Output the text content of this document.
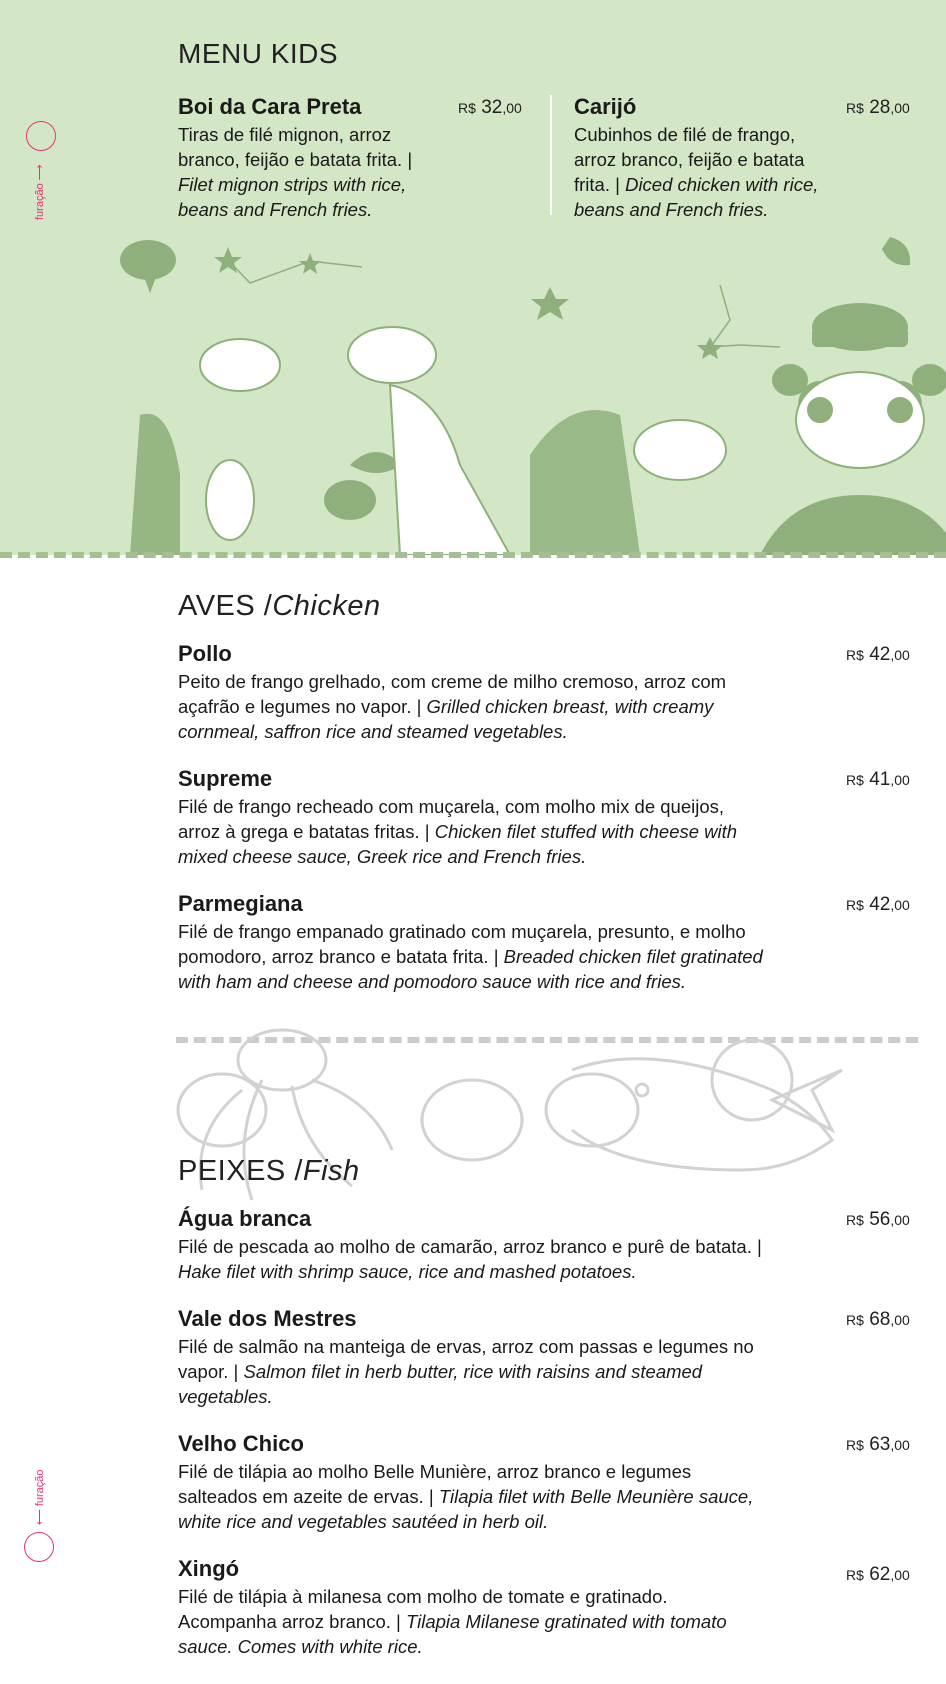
MENU KIDS
Boi da Cara Preta
Tiras de filé mignon, arroz branco, feijão e batata frita. | Filet mignon strips with rice, beans and French fries.
R$ 32,00 Carijó
Cubinhos de filé de frango, arroz branco, feijão e batata frita. | Diced chicken with rice, beans and French fries.
R$ 28,00
furação
AVES /Chicken
Pollo
Peito de frango grelhado, com creme de milho cremoso, arroz com açafrão e legumes no vapor. | Grilled chicken breast, with creamy cornmeal, saffron rice and steamed vegetables.
R$ 42,00
Supreme
Filé de frango recheado com muçarela, com molho mix de queijos, arroz à grega e batatas fritas. | Chicken filet stuffed with cheese with mixed cheese sauce, Greek rice and French fries.
R$ 41,00
Parmegiana
Filé de frango empanado gratinado com muçarela, presunto, e molho pomodoro, arroz branco e batata frita. | Breaded chicken filet gratinated with ham and cheese and pomodoro sauce with rice and fries.
R$ 42,00
PEIXES /Fish
Água branca
Filé de pescada ao molho de camarão, arroz branco e purê de batata. | Hake filet with shrimp sauce, rice and mashed potatoes.
R$ 56,00
Vale dos Mestres
Filé de salmão na manteiga de ervas, arroz com passas e legumes no vapor. | Salmon filet in herb butter, rice with raisins and steamed vegetables.
R$ 68,00
Velho Chico
Filé de tilápia ao molho Belle Munière, arroz branco e legumes salteados em azeite de ervas. | Tilapia filet with Belle Meunière sauce, white rice and vegetables sautéed in herb oil.
R$ 63,00
Xingó
Filé de tilápia à milanesa com molho de tomate e gratinado. Acompanha arroz branco. | Tilapia Milanese gratinated with tomato sauce. Comes with white rice.
R$ 62,00
⟵ furação
